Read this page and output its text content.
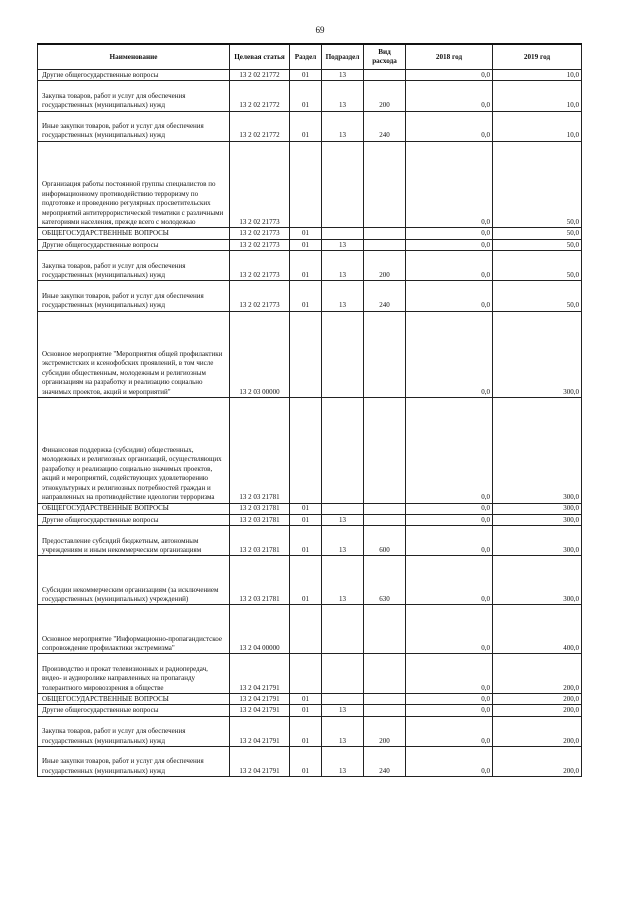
69
Наименование	Целевая статья	Раздел	Подраздел	Вид расхода	2018 год	2019 год
Другие общегосударственные вопросы	13 2 02 21772	01	13		0,0	10,0
Закупка товаров, работ и услуг для обеспечения государственных (муниципальных) нужд	13 2 02 21772	01	13	200	0,0	10,0
Иные закупки товаров, работ и услуг для обеспечения государственных (муниципальных) нужд	13 2 02 21772	01	13	240	0,0	10,0
Организация работы постоянной группы специалистов по информационному противодействию терроризму по подготовке и проведению регулярных просветительских мероприятий антитеррористической тематики с различными категориями населения, прежде всего с молодежью	13 2 02 21773				0,0	50,0
ОБЩЕГОСУДАРСТВЕННЫЕ ВОПРОСЫ	13 2 02 21773	01			0,0	50,0
Другие общегосударственные вопросы	13 2 02 21773	01	13		0,0	50,0
Закупка товаров, работ и услуг для обеспечения государственных (муниципальных) нужд	13 2 02 21773	01	13	200	0,0	50,0
Иные закупки товаров, работ и услуг для обеспечения государственных (муниципальных) нужд	13 2 02 21773	01	13	240	0,0	50,0
Основное мероприятие "Мероприятия общей профилактики экстремистских и ксенофобских проявлений, в том числе субсидии общественным, молодежным и религиозным организациям на разработку и реализацию социально значимых проектов, акций и мероприятий"	13 2 03 00000				0,0	300,0
Финансовая поддержка (субсидии) общественных, молодежных и религиозных организаций, осуществляющих разработку и реализацию социально значимых проектов, акций и мероприятий, содействующих удовлетворению этнокультурных и религиозных потребностей граждан и направленных на противодействие идеологии терроризма	13 2 03 21781				0,0	300,0
ОБЩЕГОСУДАРСТВЕННЫЕ ВОПРОСЫ	13 2 03 21781	01			0,0	300,0
Другие общегосударственные вопросы	13 2 03 21781	01	13		0,0	300,0
Предоставление субсидий бюджетным, автономным учреждениям и иным некоммерческим организациям	13 2 03 21781	01	13	600	0,0	300,0
Субсидии некоммерческим организациям (за исключением государственных (муниципальных) учреждений)	13 2 03 21781	01	13	630	0,0	300,0
Основное мероприятие "Информационно-пропагандистское сопровождение профилактики экстремизма"	13 2 04 00000				0,0	400,0
Производство и прокат телевизионных и радиопередач, видео- и аудиоролике направленных на пропаганду толерантного мировоззрения в обществе	13 2 04 21791				0,0	200,0
ОБЩЕГОСУДАРСТВЕННЫЕ ВОПРОСЫ	13 2 04 21791	01			0,0	200,0
Другие общегосударственные вопросы	13 2 04 21791	01	13		0,0	200,0
Закупка товаров, работ и услуг для обеспечения государственных (муниципальных) нужд	13 2 04 21791	01	13	200	0,0	200,0
Иные закупки товаров, работ и услуг для обеспечения государственных (муниципальных) нужд	13 2 04 21791	01	13	240	0,0	200,0
